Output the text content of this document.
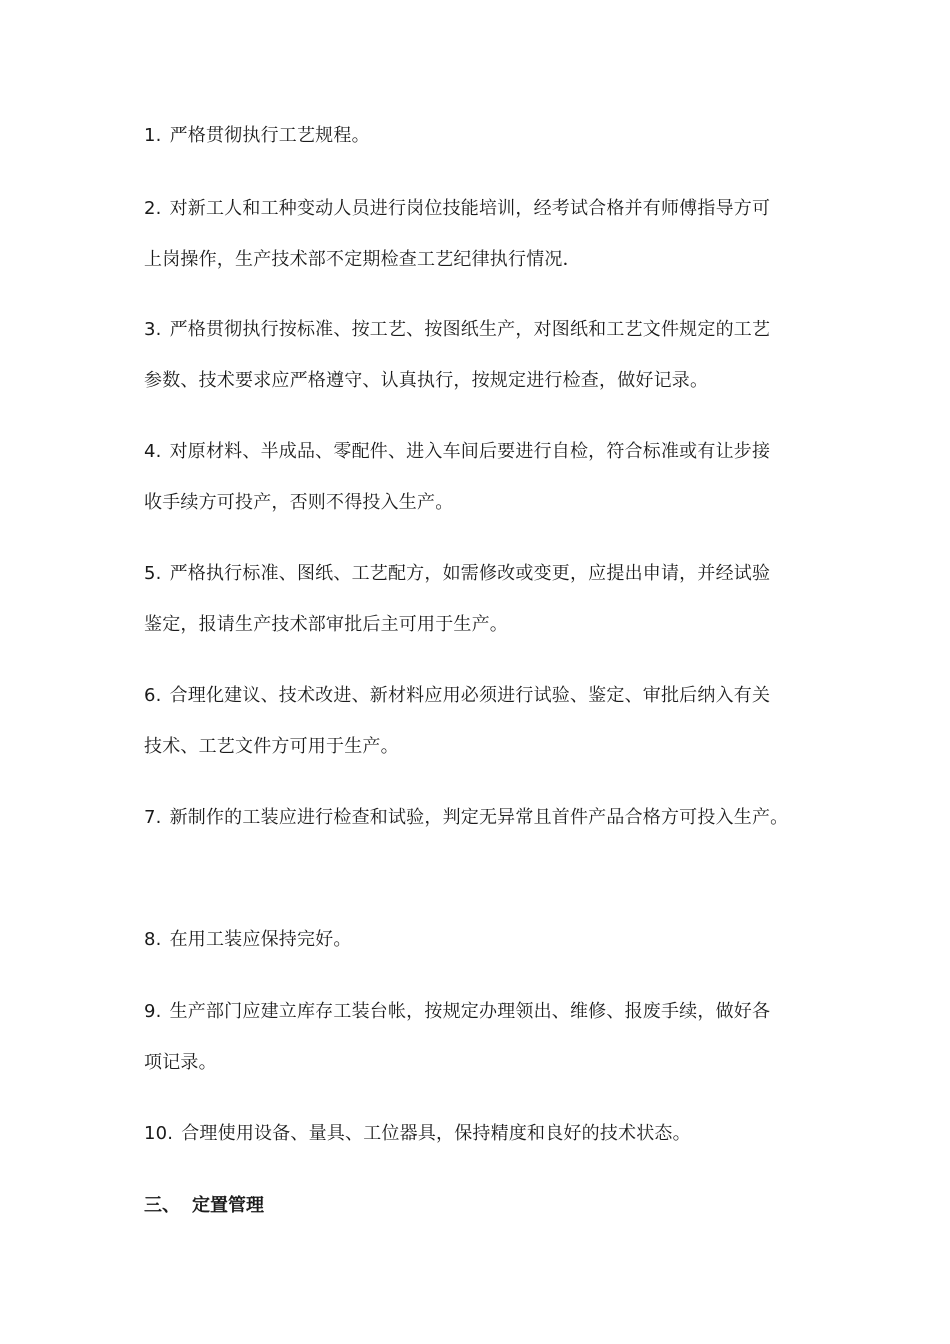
1. 严格贯彻执行工艺规程。

2. 对新工人和工种变动人员进行岗位技能培训，经考试合格并有师傅指导方可
上岗操作，生产技术部不定期检查工艺纪律执行情况．

3. 严格贯彻执行按标准、按工艺、按图纸生产，对图纸和工艺文件规定的工艺
参数、技术要求应严格遵守、认真执行，按规定进行检查，做好记录。

4. 对原材料、半成品、零配件、进入车间后要进行自检，符合标准或有让步接
收手续方可投产，否则不得投入生产。

5. 严格执行标准、图纸、工艺配方，如需修改或变更，应提出申请，并经试验
鉴定，报请生产技术部审批后主可用于生产。

6. 合理化建议、技术改进、新材料应用必须进行试验、鉴定、审批后纳入有关
技术、工艺文件方可用于生产。

7. 新制作的工装应进行检查和试验，判定无异常且首件产品合格方可投入生产。

8. 在用工装应保持完好。

9. 生产部门应建立库存工装台帐，按规定办理领出、维修、报废手续，做好各
项记录。

10. 合理使用设备、量具、工位器具，保持精度和良好的技术状态。

三、 定置管理
